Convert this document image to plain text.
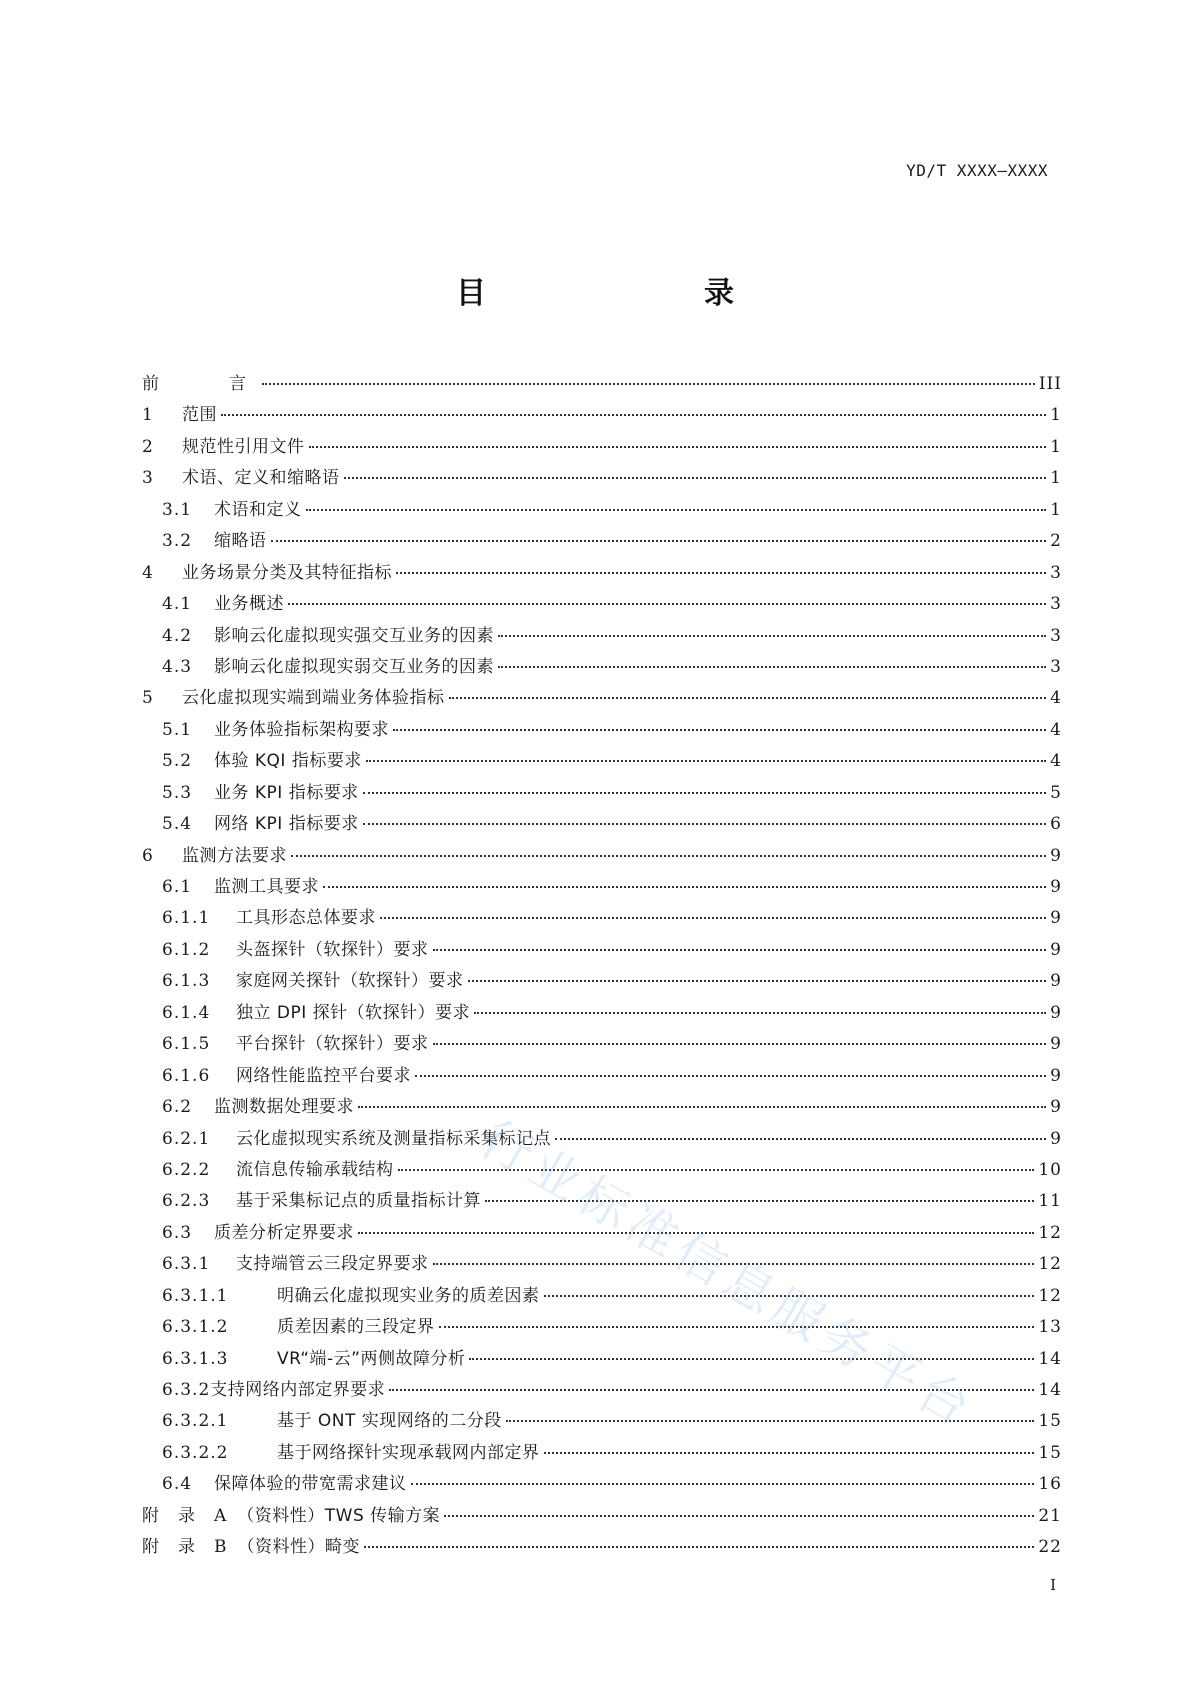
YD/T XXXX—XXXX
目	录
前　　言	III
1	范围	1
2	规范性引用文件	1
3	术语、定义和缩略语	1
3.1	术语和定义	1
3.2	缩略语	2
4	业务场景分类及其特征指标	3
4.1	业务概述	3
4.2	影响云化虚拟现实强交互业务的因素	3
4.3	影响云化虚拟现实弱交互业务的因素	3
5	云化虚拟现实端到端业务体验指标	4
5.1	业务体验指标架构要求	4
5.2	体验 KQI 指标要求	4
5.3	业务 KPI 指标要求	5
5.4	网络 KPI 指标要求	6
6	监测方法要求	9
6.1	监测工具要求	9
6.1.1	工具形态总体要求	9
6.1.2	头盔探针（软探针）要求	9
6.1.3	家庭网关探针（软探针）要求	9
6.1.4	独立 DPI 探针（软探针）要求	9
6.1.5	平台探针（软探针）要求	9
6.1.6	网络性能监控平台要求	9
6.2	监测数据处理要求	9
6.2.1	云化虚拟现实系统及测量指标采集标记点	9
6.2.2	流信息传输承载结构	10
6.2.3	基于采集标记点的质量指标计算	11
6.3	质差分析定界要求	12
6.3.1	支持端管云三段定界要求	12
6.3.1.1	明确云化虚拟现实业务的质差因素	12
6.3.1.2	质差因素的三段定界	13
6.3.1.3	VR“端-云”两侧故障分析	14
6.3.2 支持网络内部定界要求	14
6.3.2.1	基于 ONT 实现网络的二分段	15
6.3.2.2	基于网络探针实现承载网内部定界	15
6.4	保障体验的带宽需求建议	16
附　录　A （资料性）TWS 传输方案	21
附　录　B （资料性）畸变	22
行业标准信息服务平台
I
